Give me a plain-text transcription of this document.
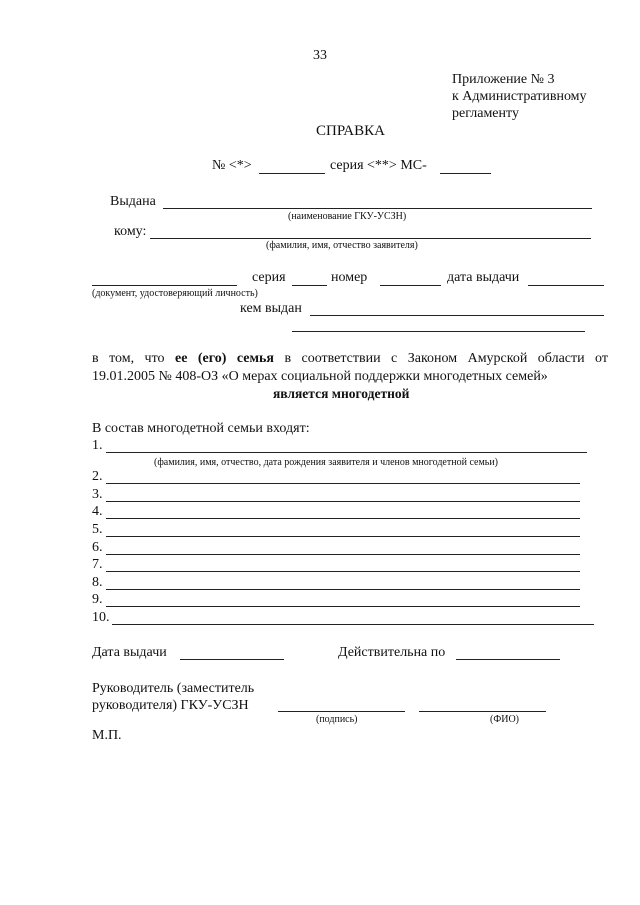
33
Приложение № 3
к Административному
регламенту
СПРАВКА
№ <*>	серия <**> МС-
Выдана
(наименование ГКУ-УСЗН)
кому:
(фамилия, имя, отчество заявителя)
серия	номер	дата выдачи
(документ, удостоверяющий личность)
кем выдан
в том, что ее (его) семья в соответствии с Законом Амурской области от
19.01.2005 № 408-ОЗ «О мерах социальной поддержки многодетных семей»
является многодетной
В состав многодетной семьи входят:
1.
(фамилия, имя, отчество, дата рождения заявителя и членов многодетной семьи)
2.
3.
4.
5.
6.
7.
8.
9.
10.
Дата выдачи	Действительна по
Руководитель (заместитель
руководителя) ГКУ-УСЗН
(подпись)	(ФИО)
М.П.
